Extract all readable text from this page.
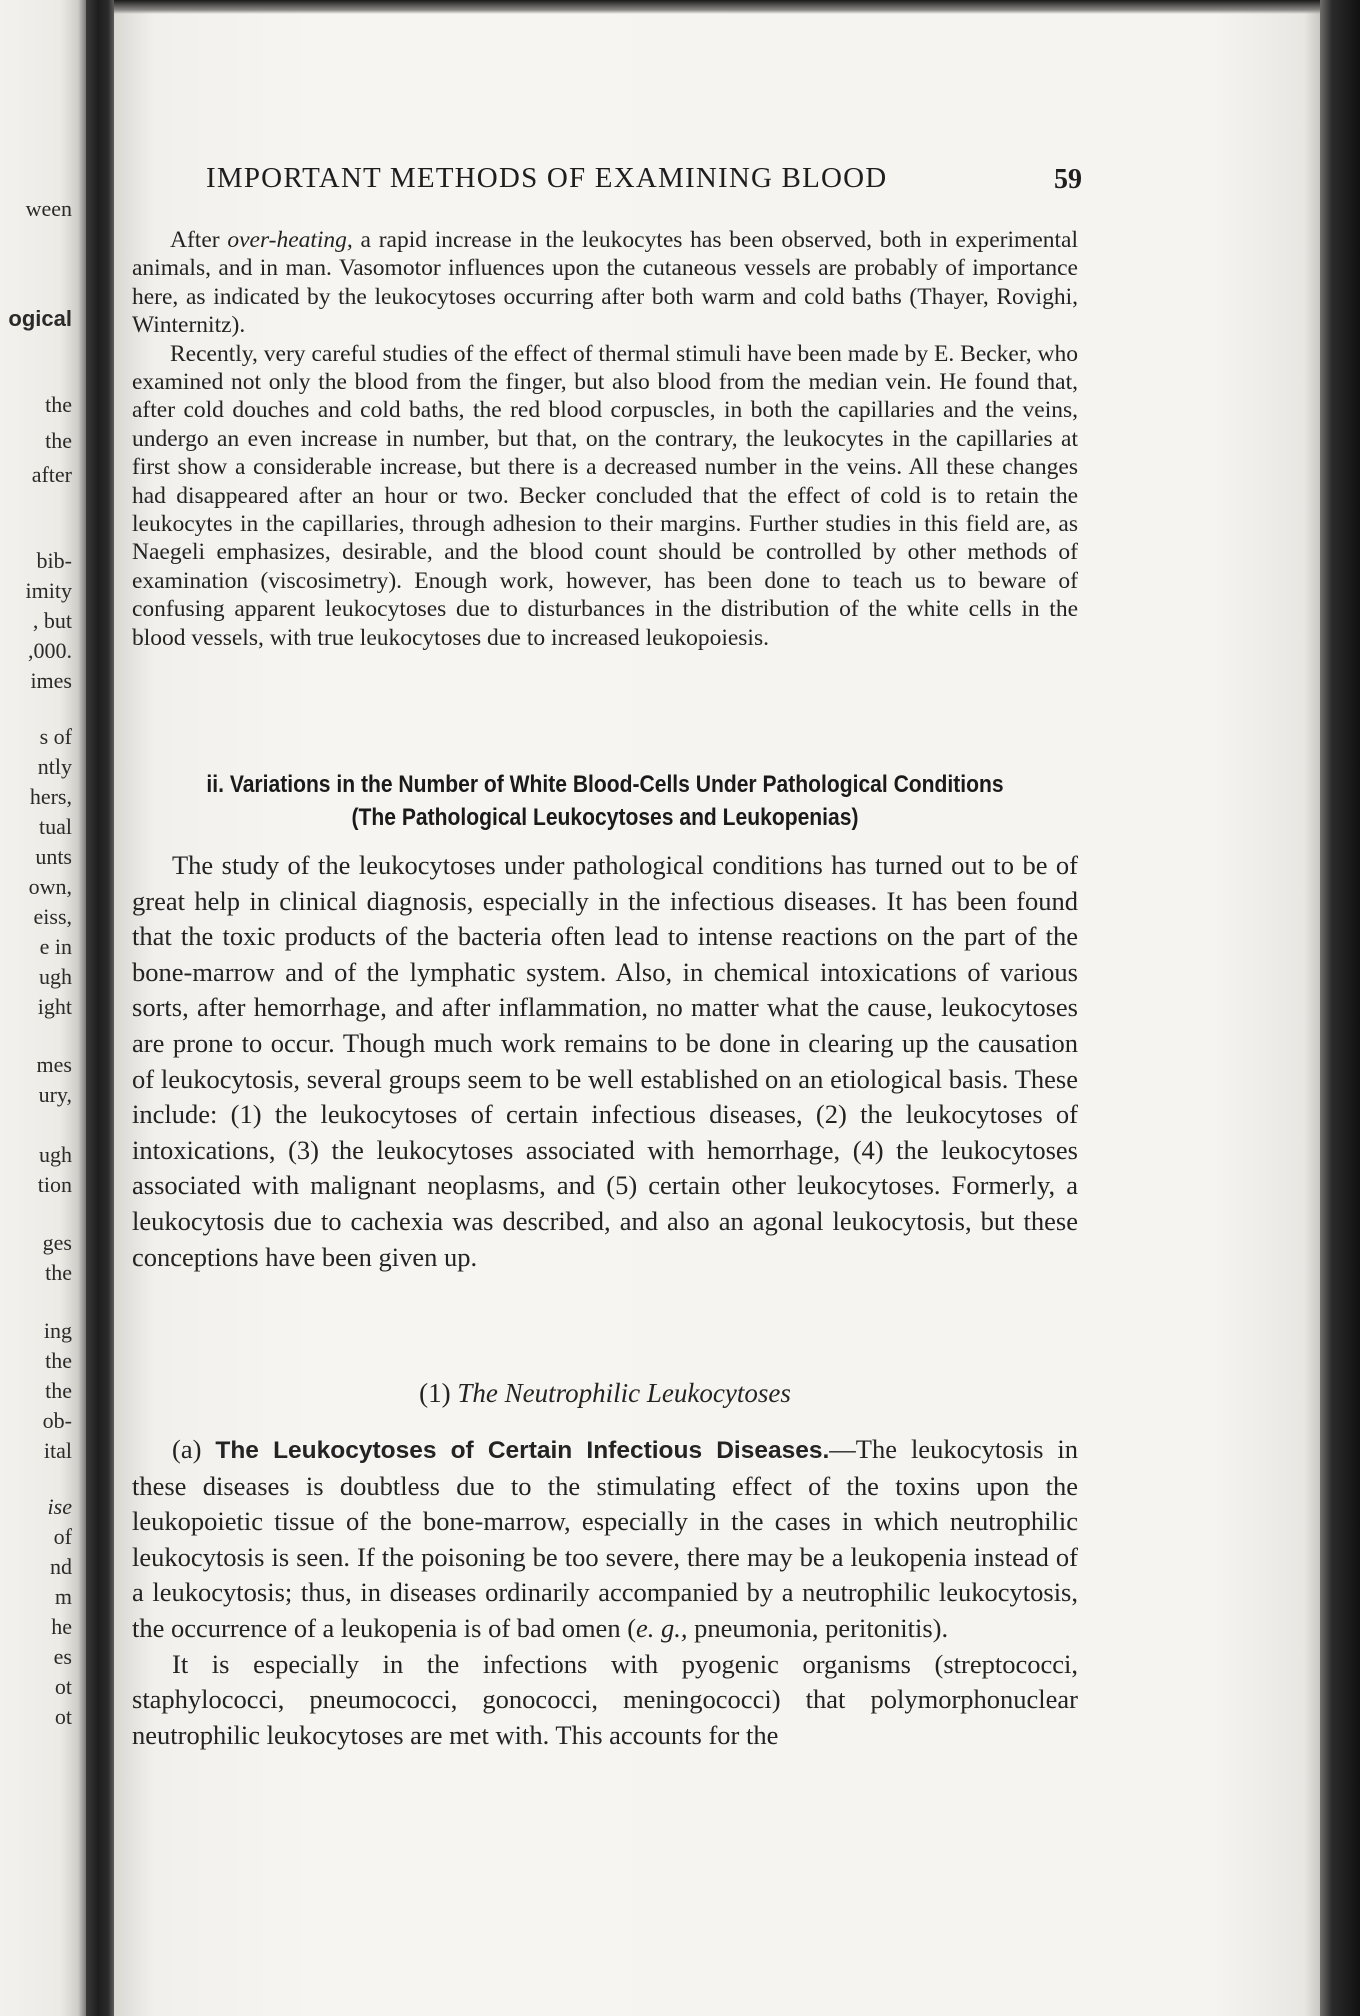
ween
ogical
the
the
after
bib-
imity
, but
,000.
imes
s of
ntly
hers,
tual
unts
own,
eiss,
e in
ugh
ight
mes
ury,
ugh
tion
ges
the
ing
the
the
ob-
ital
ise
of
nd
m
he
es
ot
ot
IMPORTANT METHODS OF EXAMINING BLOOD	59

After over-heating, a rapid increase in the leukocytes has been observed, both in experimental animals, and in man. Vasomotor influences upon the cutaneous vessels are probably of importance here, as indicated by the leukocytoses occurring after both warm and cold baths (Thayer, Rovighi, Winternitz).

Recently, very careful studies of the effect of thermal stimuli have been made by E. Becker, who examined not only the blood from the finger, but also blood from the median vein. He found that, after cold douches and cold baths, the red blood corpuscles, in both the capillaries and the veins, undergo an even increase in number, but that, on the contrary, the leukocytes in the capillaries at first show a considerable increase, but there is a decreased number in the veins. All these changes had disappeared after an hour or two. Becker concluded that the effect of cold is to retain the leukocytes in the capillaries, through adhesion to their margins. Further studies in this field are, as Naegeli emphasizes, desirable, and the blood count should be controlled by other methods of examination (viscosimetry). Enough work, however, has been done to teach us to beware of confusing apparent leukocytoses due to disturbances in the distribution of the white cells in the blood vessels, with true leukocytoses due to increased leukopoiesis.

ii. Variations in the Number of White Blood-Cells Under Pathological Conditions
(The Pathological Leukocytoses and Leukopenias)

The study of the leukocytoses under pathological conditions has turned out to be of great help in clinical diagnosis, especially in the infectious diseases. It has been found that the toxic products of the bacteria often lead to intense reactions on the part of the bone-marrow and of the lymphatic system. Also, in chemical intoxications of various sorts, after hemorrhage, and after inflammation, no matter what the cause, leukocytoses are prone to occur. Though much work remains to be done in clearing up the causation of leukocytosis, several groups seem to be well established on an etiological basis. These include: (1) the leukocytoses of certain infectious diseases, (2) the leukocytoses of intoxications, (3) the leukocytoses associated with hemorrhage, (4) the leukocytoses associated with malignant neoplasms, and (5) certain other leukocytoses. Formerly, a leukocytosis due to cachexia was described, and also an agonal leukocytosis, but these conceptions have been given up.

(1) The Neutrophilic Leukocytoses

(a) The Leukocytoses of Certain Infectious Diseases.—The leukocytosis in these diseases is doubtless due to the stimulating effect of the toxins upon the leukopoietic tissue of the bone-marrow, especially in the cases in which neutrophilic leukocytosis is seen. If the poisoning be too severe, there may be a leukopenia instead of a leukocytosis; thus, in diseases ordinarily accompanied by a neutrophilic leukocytosis, the occurrence of a leukopenia is of bad omen (e. g., pneumonia, peritonitis).

It is especially in the infections with pyogenic organisms (streptococci, staphylococci, pneumococci, gonococci, meningococci) that polymorphonuclear neutrophilic leukocytoses are met with. This accounts for the
